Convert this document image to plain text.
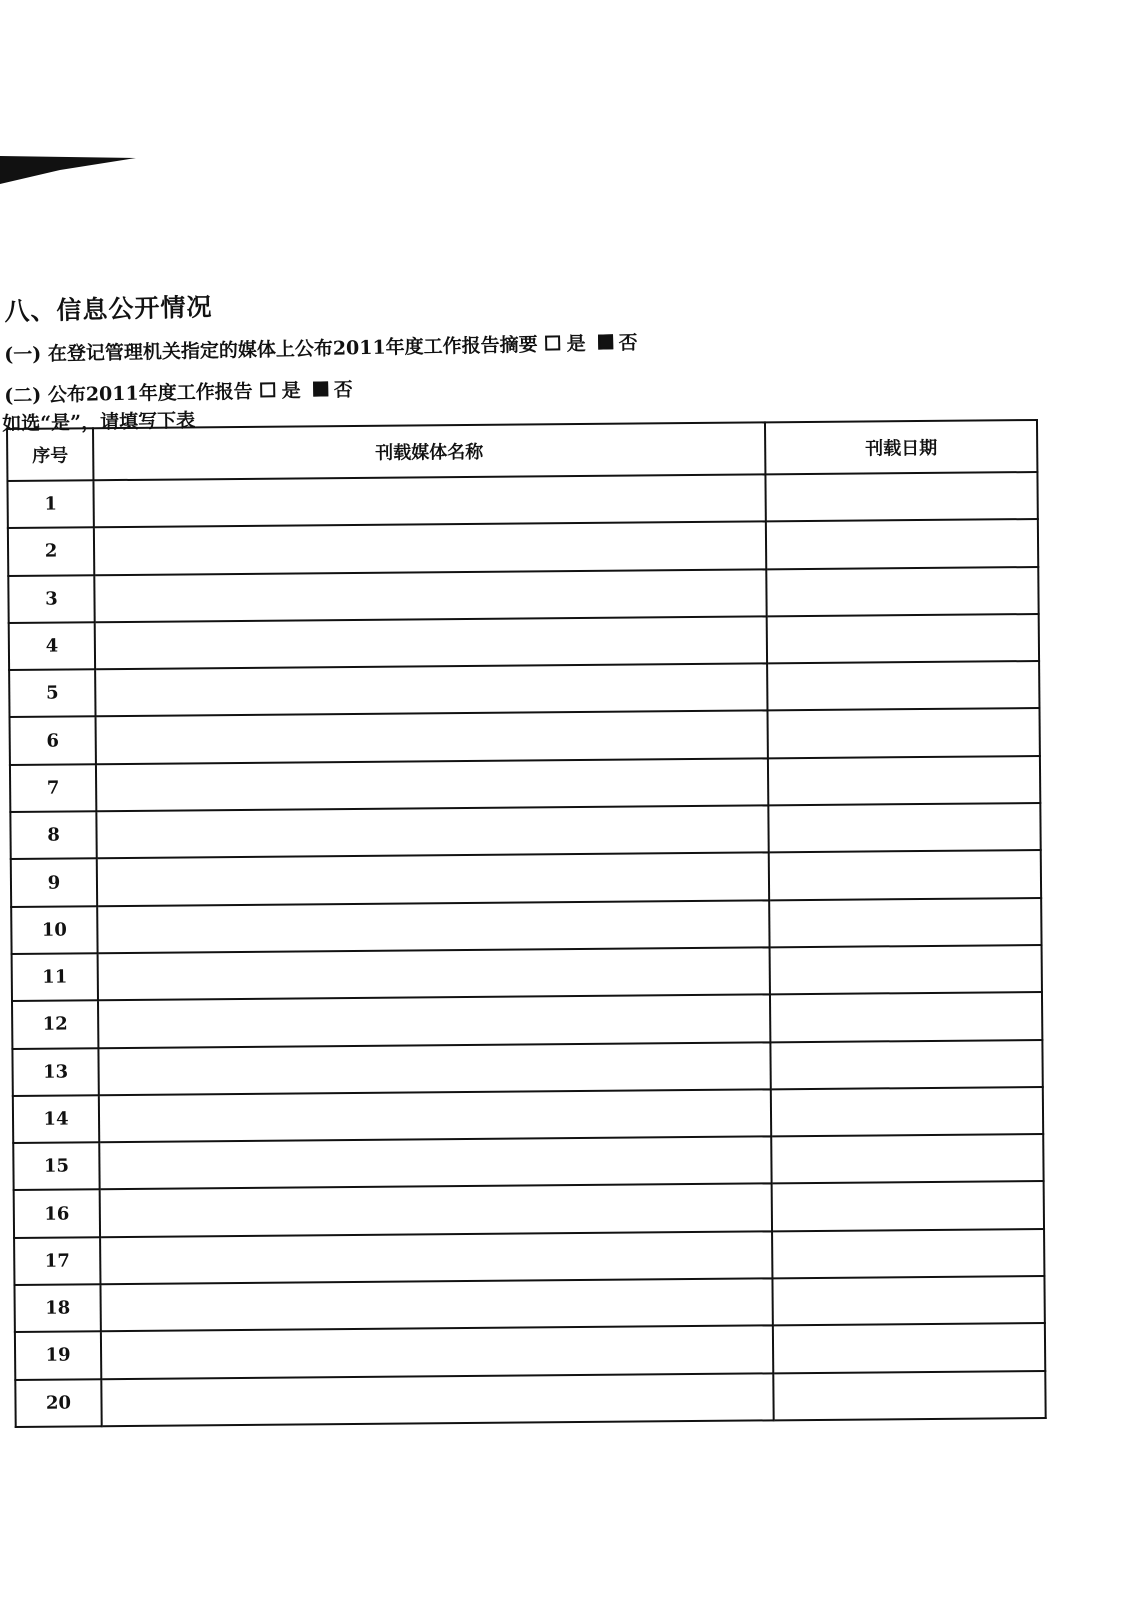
八、信息公开情况
(一) 在登记管理机关指定的媒体上公布2011年度工作报告摘要 是 否
(二) 公布2011年度工作报告 是 否
如选“是”，请填写下表
序号	刊载媒体名称	刊载日期
1		
2		
3		
4		
5		
6		
7		
8		
9		
10		
11		
12		
13		
14		
15		
16		
17		
18		
19		
20		
